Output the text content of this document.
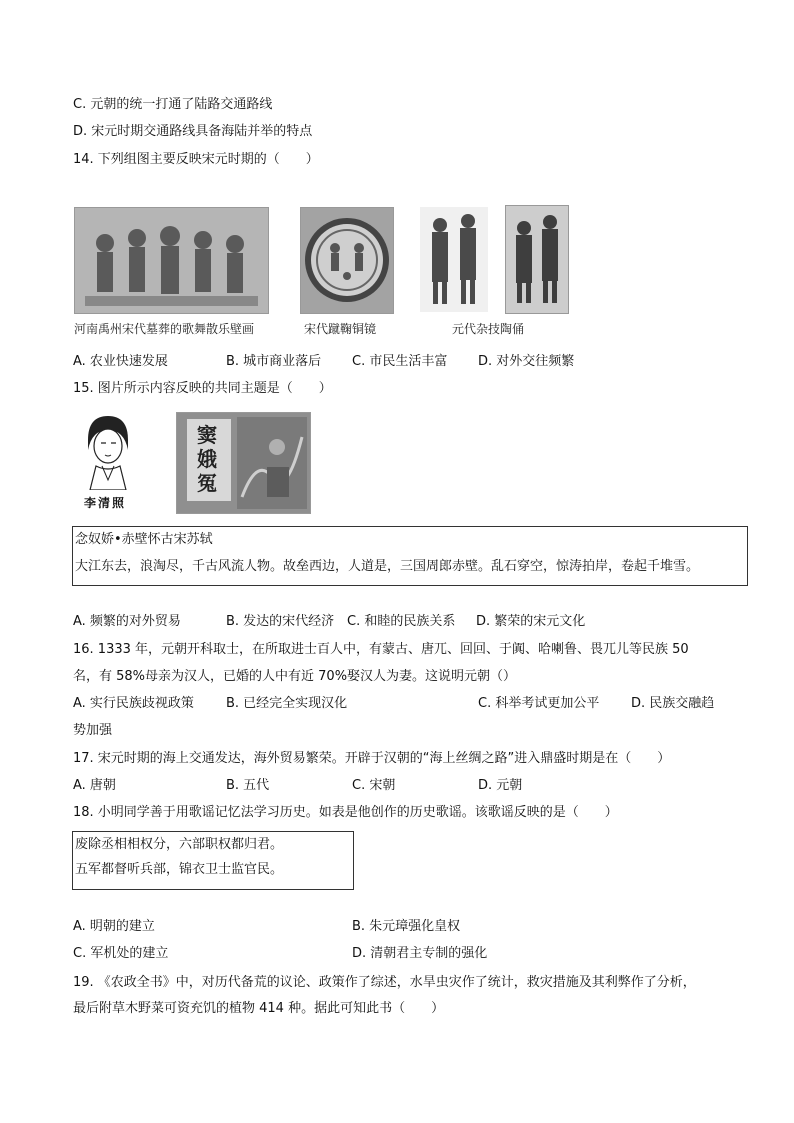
C. 元朝的统一打通了陆路交通路线
D. 宋元时期交通路线具备海陆并举的特点
14. 下列组图主要反映宋元时期的（　　）
河南禹州宋代墓葬的歌舞散乐壁画	宋代蹴鞠铜镜	元代杂技陶俑
A. 农业快速发展	B. 城市商业落后 C. 市民生活丰富 D. 对外交往频繁
15. 图片所示内容反映的共同主题是（　　）
李清照
窦
娥
冤
念奴娇•赤壁怀古宋苏轼
大江东去，浪淘尽，千古风流人物。故垒西边，人道是，三国周郎赤壁。乱石穿空，惊涛拍岸，卷起千堆雪。
A. 频繁的对外贸易	B. 发达的宋代经济 C. 和睦的民族关系 D. 繁荣的宋元文化
16. 1333 年，元朝开科取士，在所取进士百人中，有蒙古、唐兀、回回、于阗、哈喇鲁、畏兀儿等民族 50
名，有 58%母亲为汉人，已婚的人中有近 70%娶汉人为妻。这说明元朝（）
A. 实行民族歧视政策 B. 已经完全实现汉化	C. 科举考试更加公平 D. 民族交融趋
势加强
17. 宋元时期的海上交通发达，海外贸易繁荣。开辟于汉朝的“海上丝绸之路”进入鼎盛时期是在（　　）
A. 唐朝	B. 五代	C. 宋朝	D. 元朝
18. 小明同学善于用歌谣记忆法学习历史。如表是他创作的历史歌谣。该歌谣反映的是（　　）
废除丞相相权分，六部职权都归君。
五军都督听兵部，锦衣卫士监官民。
A. 明朝的建立	B. 朱元璋强化皇权
C. 军机处的建立	D. 清朝君主专制的强化
19. 《农政全书》中，对历代备荒的议论、政策作了综述，水旱虫灾作了统计，救灾措施及其利弊作了分析，
最后附草木野菜可资充饥的植物 414 种。据此可知此书（　　）
